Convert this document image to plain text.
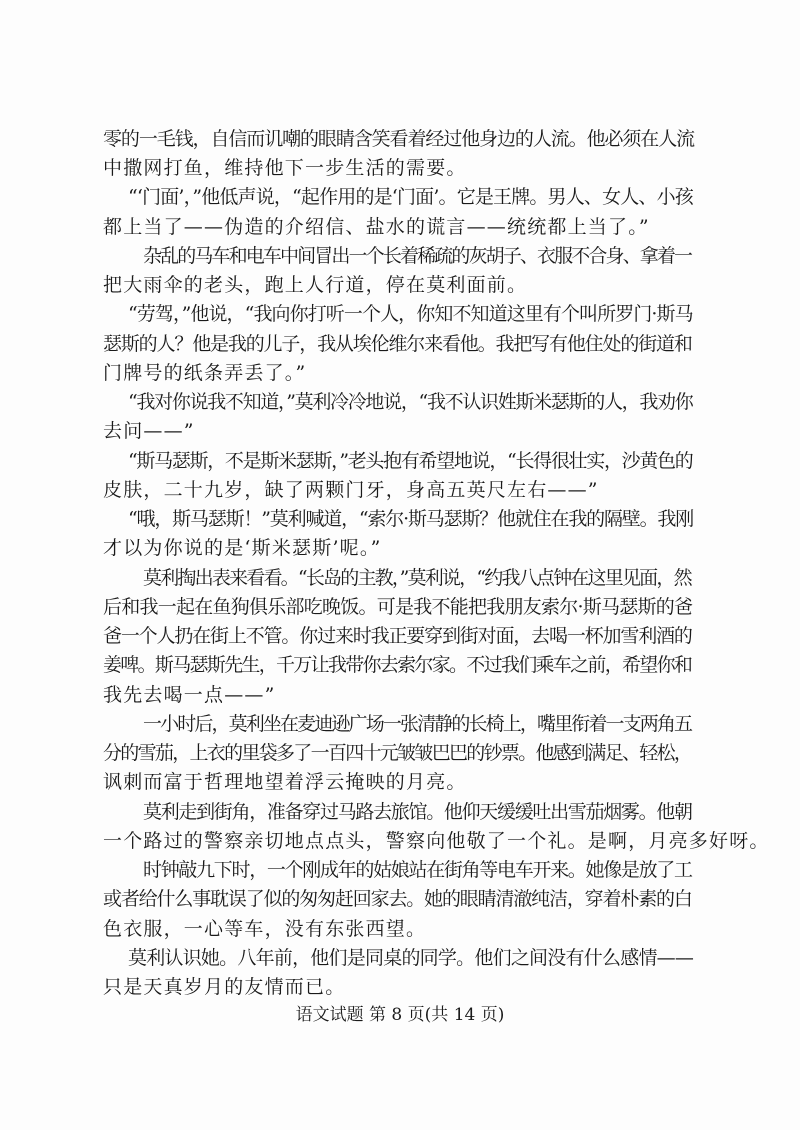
零的一毛钱，自信而讥嘲的眼睛含笑看着经过他身边的人流。他必须在人流
中撒网打鱼，维持他下一步生活的需要。
“‘门面’，”他低声说，“起作用的是‘门面’。它是王牌。男人、女人、小孩
都上当了——伪造的介绍信、盐水的谎言——统统都上当了。”
杂乱的马车和电车中间冒出一个长着稀疏的灰胡子、衣服不合身、拿着一
把大雨伞的老头，跑上人行道，停在莫利面前。
“劳驾，”他说，“我向你打听一个人，你知不知道这里有个叫所罗门·斯马
瑟斯的人？他是我的儿子，我从埃伦维尔来看他。我把写有他住处的街道和
门牌号的纸条弄丢了。”
“我对你说我不知道，”莫利冷冷地说，“我不认识姓斯米瑟斯的人，我劝你
去问——”
“斯马瑟斯，不是斯米瑟斯，”老头抱有希望地说，“长得很壮实，沙黄色的
皮肤，二十九岁，缺了两颗门牙，身高五英尺左右——”
“哦，斯马瑟斯！”莫利喊道，“索尔·斯马瑟斯？他就住在我的隔壁。我刚
才以为你说的是‘斯米瑟斯’呢。”
莫利掏出表来看看。“长岛的主教，”莫利说，“约我八点钟在这里见面，然
后和我一起在鱼狗俱乐部吃晚饭。可是我不能把我朋友索尔·斯马瑟斯的爸
爸一个人扔在街上不管。你过来时我正要穿到街对面，去喝一杯加雪利酒的
姜啤。斯马瑟斯先生，千万让我带你去索尔家。不过我们乘车之前，希望你和
我先去喝一点——”
一小时后，莫利坐在麦迪逊广场一张清静的长椅上，嘴里衔着一支两角五
分的雪茄，上衣的里袋多了一百四十元皱皱巴巴的钞票。他感到满足、轻松，
讽刺而富于哲理地望着浮云掩映的月亮。
莫利走到街角，准备穿过马路去旅馆。他仰天缓缓吐出雪茄烟雾。他朝
一个路过的警察亲切地点点头，警察向他敬了一个礼。是啊，月亮多好呀。
时钟敲九下时，一个刚成年的姑娘站在街角等电车开来。她像是放了工
或者给什么事耽误了似的匆匆赶回家去。她的眼睛清澈纯洁，穿着朴素的白
色衣服，一心等车，没有东张西望。
莫利认识她。八年前，他们是同桌的同学。他们之间没有什么感情——
只是天真岁月的友情而已。
语文试题 第 8 页(共 14 页)
